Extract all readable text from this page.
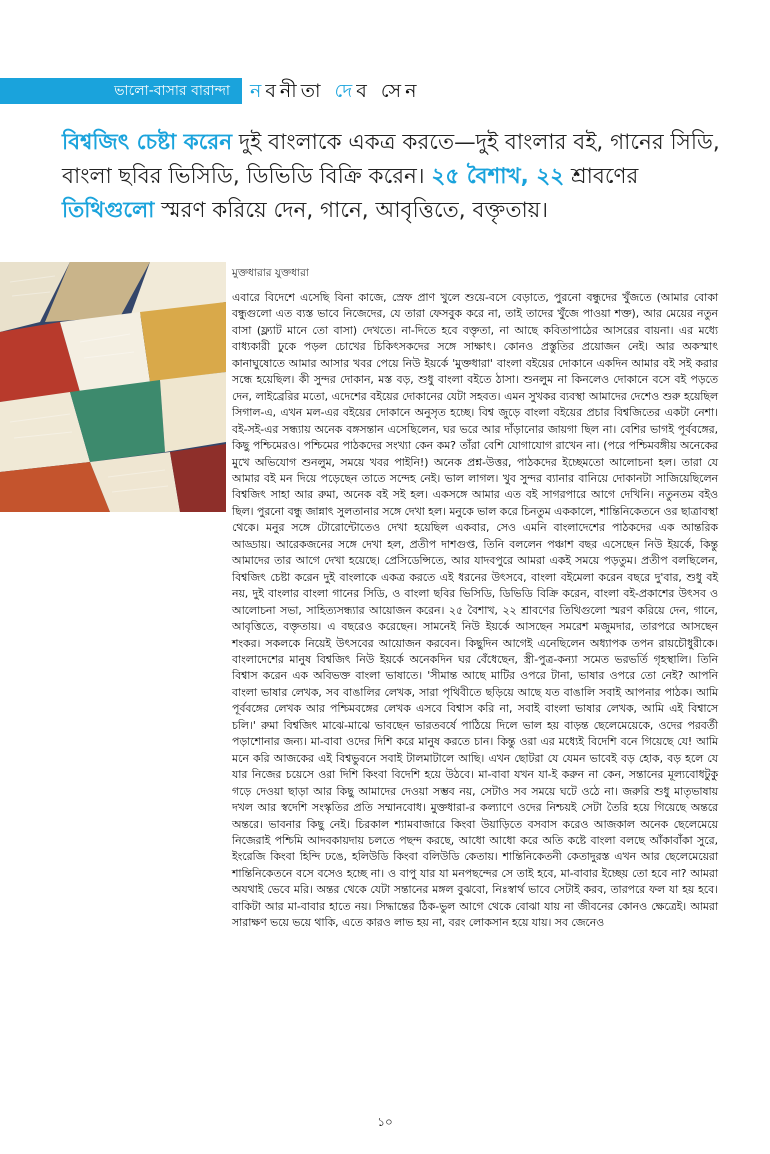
ভালো-বাসার বারান্দা	নবনীতা দেব সেন
বিশ্বজিৎ চেষ্টা করেন দুই বাংলাকে একত্র করতে—দুই বাংলার বই, গানের সিডি, বাংলা ছবির ভিসিডি, ডিভিডি বিক্রি করেন। ২৫ বৈশাখ, ২২ শ্রাবণের তিথিগুলো স্মরণ করিয়ে দেন, গানে, আবৃত্তিতে, বক্তৃতায়।
মুক্তধারার যুক্তধারা

এবারে বিদেশে এসেছি বিনা কাজে, স্রেফ প্রাণ খুলে শুয়ে-বসে বেড়াতে, পুরনো বন্ধুদের খুঁজতে (আমার বোকা বন্ধুগুলো এত ব্যস্ত ভাবে নিজেদের, যে তারা ফেসবুক করে না, তাই তাদের খুঁজে পাওয়া শক্ত), আর মেয়ের নতুন বাসা (ফ্ল্যাট মানে তো বাসা) দেখতে। না-দিতে হবে বক্তৃতা, না আছে কবিতাপাঠের আসরের বায়না। এর মধ্যে বাধ্যকারী ঢুকে পড়ল চোখের চিকিৎসকদের সঙ্গে সাক্ষাৎ। কোনও প্রস্তুতির প্রয়োজন নেই। আর অকস্মাৎ কানাঘুষোতে আমার আসার খবর পেয়ে নিউ ইয়র্কে 'মুক্তধারা' বাংলা বইয়ের দোকানে একদিন আমার বই সই করার সন্ধে হয়েছিল। কী সুন্দর দোকান, মস্ত বড়, শুধু বাংলা বইতে ঠাসা। শুনলুম না কিনলেও দোকানে বসে বই পড়তে দেন, লাইব্রেরির মতো, এদেশের বইয়ের দোকানের যেটা সহবত। এমন সুখকর ব্যবস্থা আমাদের দেশেও শুরু হয়েছিল সিগাল-এ, এখন মল-এর বইয়ের দোকানে অনুসৃত হচ্ছে। বিশ্ব জুড়ে বাংলা বইয়ের প্রচার বিশ্বজিতের একটা নেশা। বই-সই-এর সন্ধ্যায় অনেক বঙ্গসন্তান এসেছিলেন, ঘর ভরে আর দাঁড়ানোর জায়গা ছিল না। বেশির ভাগই পূর্ববঙ্গের, কিছু পশ্চিমেরও। পশ্চিমের পাঠকদের সংখ্যা কেন কম? তাঁরা বেশি যোগাযোগ রাখেন না। (পরে পশ্চিমবঙ্গীয় অনেকের মুখে অভিযোগ শুনলুম, সময়ে খবর পাইনি!) অনেক প্রশ্ন-উত্তর, পাঠকদের ইচ্ছেমতো আলোচনা হল। তারা যে আমার বই মন দিয়ে পড়েছেন তাতে সন্দেহ নেই। ভাল লাগল। খুব সুন্দর ব্যানার বানিয়ে দোকানটা সাজিয়েছিলেন বিশ্বজিৎ সাহা আর রুমা, অনেক বই সই হল। একসঙ্গে আমার এত বই সাগরপারে আগে দেখিনি। নতুনতম বইও ছিল। পুরনো বন্ধু জান্নাৎ সুলতানার সঙ্গে দেখা হল। মনুকে ভাল করে চিনতুম এককালে, শান্তিনিকেতনে ওর ছাত্রাবস্থা থেকে। মনুর সঙ্গে টোরোন্টোতেও দেখা হয়েছিল একবার, সেও এমনি বাংলাদেশের পাঠকদের এক আন্তরিক আড্ডায়। আরেকজনের সঙ্গে দেখা হল, প্রতীপ দাশগুপ্ত, তিনি বললেন পঞ্চাশ বছর এসেছেন নিউ ইয়র্কে, কিন্তু আমাদের তার আগে দেখা হয়েছে। প্রেসিডেন্সিতে, আর যাদবপুরে আমরা একই সময়ে পড়তুম। প্রতীপ বলছিলেন, বিশ্বজিৎ চেষ্টা করেন দুই বাংলাকে একত্র করতে এই ধরনের উৎসবে, বাংলা বইমেলা করেন বছরে দু'বার, শুধু বই নয়, দুই বাংলার বাংলা গানের সিডি, ও বাংলা ছবির ভিসিডি, ডিভিডি বিক্রি করেন, বাংলা বই-প্রকাশের উৎসব ও আলোচনা সভা, সাহিত্যসন্ধ্যার আয়োজন করেন। ২৫ বৈশাখ, ২২ শ্রাবণের তিথিগুলো স্মরণ করিয়ে দেন, গানে, আবৃত্তিতে, বক্তৃতায়। এ বছরেও করেছেন। সামনেই নিউ ইয়র্কে আসছেন সমরেশ মজুমদার, তারপরে আসছেন শংকর। সকলকে নিয়েই উৎসবের আয়োজন করবেন। কিছুদিন আগেই এনেছিলেন অধ্যাপক তপন রায়চৌধুরীকে। বাংলাদেশের মানুষ বিশ্বজিৎ নিউ ইয়র্কে অনেকদিন ঘর বেঁধেছেন, স্ত্রী-পুত্র-কন্যা সমেত ভরভর্তি গৃহস্থালি। তিনি বিশ্বাস করেন এক অবিভক্ত বাংলা ভাষাতে। 'সীমান্ত আছে মাটির ওপরে টানা, ভাষার ওপরে তো নেই? আপনি বাংলা ভাষার লেখক, সব বাঙালির লেখক, সারা পৃথিবীতে ছড়িয়ে আছে যত বাঙালি সবাই আপনার পাঠক। আমি পূর্ববঙ্গের লেখক আর পশ্চিমবঙ্গের লেখক এসবে বিশ্বাস করি না, সবাই বাংলা ভাষার লেখক, আমি এই বিশ্বাসে চলি।' রুমা বিশ্বজিৎ মাঝে-মাঝে ভাবছেন ভারতবর্ষে পাঠিয়ে দিলে ভাল হয় বাড়ন্ত ছেলেমেয়েকে, ওদের পরবর্তী পড়াশোনার জন্য। মা-বাবা ওদের দিশি করে মানুষ করতে চান। কিন্তু ওরা এর মধ্যেই বিদেশি বনে গিয়েছে যে! আমি মনে করি আজকের এই বিশ্বভুবনে সবাই টালমাটালে আছি। এখন ছোটরা যে যেমন ভাবেই বড় হোক, বড় হলে যে যার নিজের চয়েসে ওরা দিশি কিংবা বিদেশি হয়ে উঠবে। মা-বাবা যখন যা-ই করুন না কেন, সন্তানের মূল্যবোধটুকু গড়ে দেওয়া ছাড়া আর কিছু আমাদের দেওয়া সম্ভব নয়, সেটাও সব সময়ে ঘটে ওঠে না। জরুরি শুধু মাতৃভাষায় দখল আর স্বদেশি সংস্কৃতির প্রতি সম্মানবোধ। মুক্তধারা-র কল্যাণে ওদের নিশ্চয়ই সেটা তৈরি হয়ে গিয়েছে অন্তরে অন্তরে। ভাবনার কিছু নেই। চিরকাল শ্যামবাজারে কিংবা উয়াড়িতে বসবাস করেও আজকাল অনেক ছেলেমেয়ে নিজেরাই পশ্চিমি আদবকায়দায় চলতে পছন্দ করছে, আধো আধো করে অতি কষ্টে বাংলা বলছে আঁকাবাঁকা সুরে, ইংরেজি কিংবা হিন্দি ঢঙে, হলিউডি কিংবা বলিউডি কেতায়। শান্তিনিকেতনী কেতাদুরস্ত এখন আর ছেলেমেয়েরা শান্তিনিকেতনে বসে বসেও হচ্ছে না। ও বাপু যার যা মনপছন্দের সে তাই হবে, মা-বাবার ইচ্ছেয় তো হবে না? আমরা অযথাই ভেবে মরি। অন্তর থেকে যেটা সন্তানের মঙ্গল বুঝবো, নিঃস্বার্থ ভাবে সেটাই করব, তারপরে ফল যা হয় হবে। বাকিটা আর মা-বাবার হাতে নয়। সিদ্ধান্তের ঠিক-ভুল আগে থেকে বোঝা যায় না জীবনের কোনও ক্ষেত্রেই। আমরা সারাক্ষণ ভয়ে ভয়ে থাকি, এতে কারও লাভ হয় না, বরং লোকসান হয়ে যায়। সব জেনেও

১০
